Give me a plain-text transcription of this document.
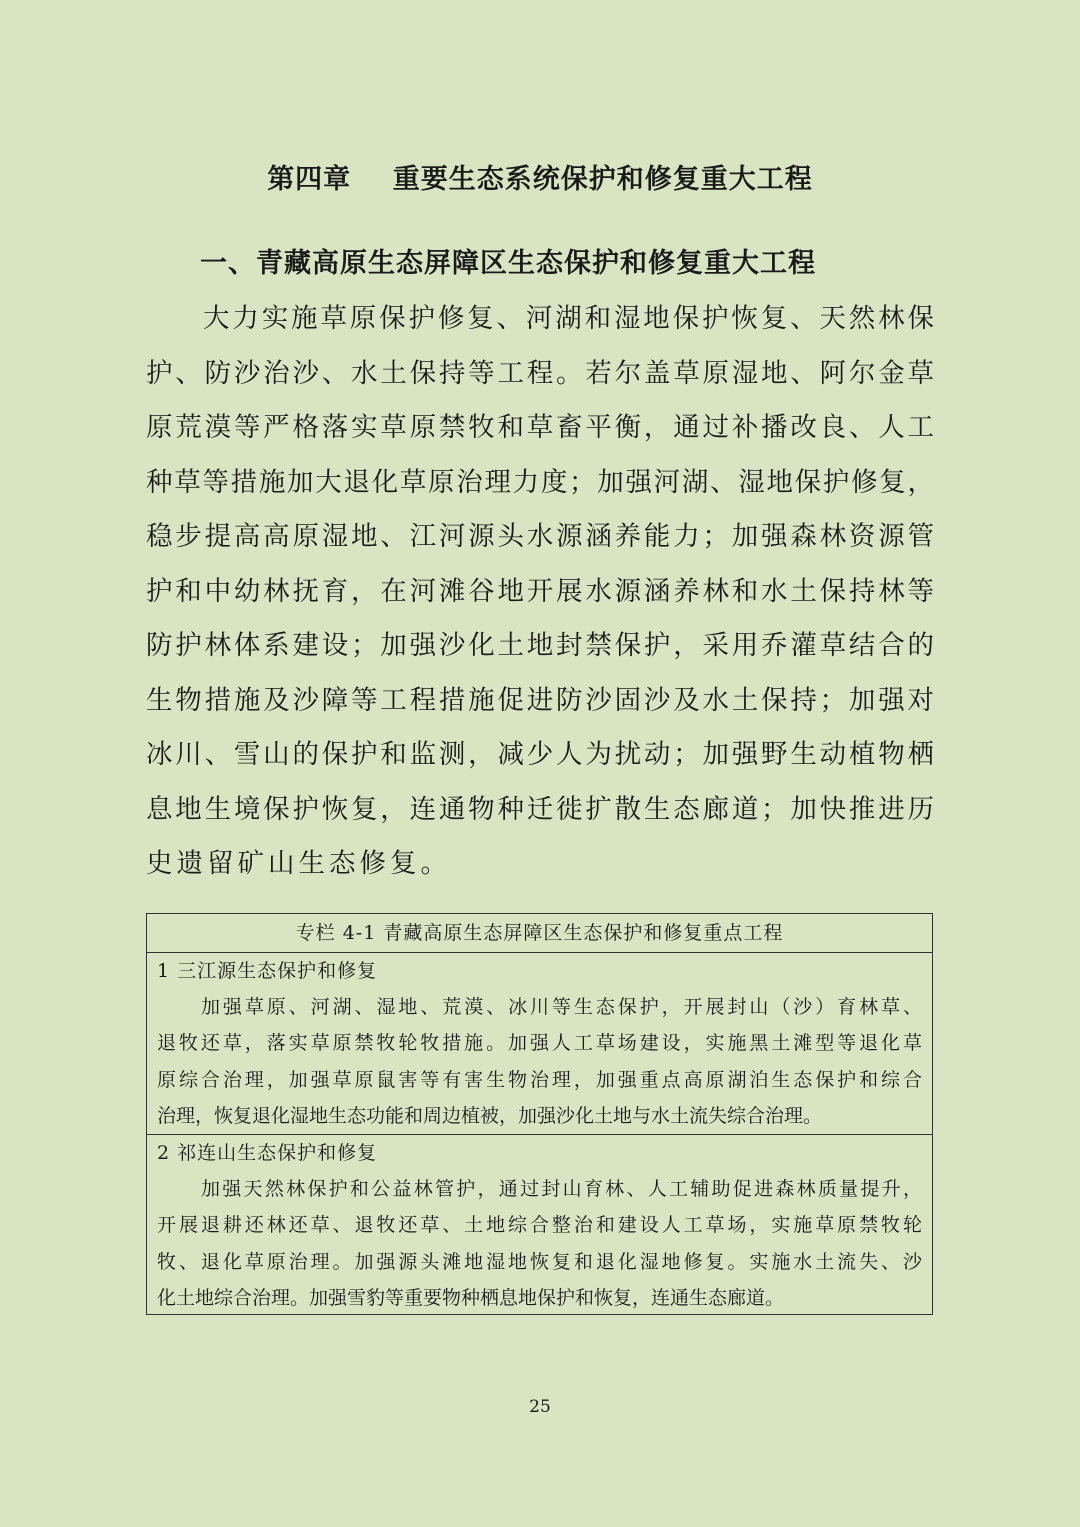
第四章    重要生态系统保护和修复重大工程
一、青藏高原生态屏障区生态保护和修复重大工程
大力实施草原保护修复、河湖和湿地保护恢复、天然林保
护、防沙治沙、水土保持等工程。若尔盖草原湿地、阿尔金草
原荒漠等严格落实草原禁牧和草畜平衡，通过补播改良、人工
种草等措施加大退化草原治理力度；加强河湖、湿地保护修复，
稳步提高高原湿地、江河源头水源涵养能力；加强森林资源管
护和中幼林抚育，在河滩谷地开展水源涵养林和水土保持林等
防护林体系建设；加强沙化土地封禁保护，采用乔灌草结合的
生物措施及沙障等工程措施促进防沙固沙及水土保持；加强对
冰川、雪山的保护和监测，减少人为扰动；加强野生动植物栖
息地生境保护恢复，连通物种迁徙扩散生态廊道；加快推进历
史遗留矿山生态修复。
专栏 4-1 青藏高原生态屏障区生态保护和修复重点工程
1 三江源生态保护和修复
加强草原、河湖、湿地、荒漠、冰川等生态保护，开展封山（沙）育林草、
退牧还草，落实草原禁牧轮牧措施。加强人工草场建设，实施黑土滩型等退化草
原综合治理，加强草原鼠害等有害生物治理，加强重点高原湖泊生态保护和综合
治理，恢复退化湿地生态功能和周边植被，加强沙化土地与水土流失综合治理。
2 祁连山生态保护和修复
加强天然林保护和公益林管护，通过封山育林、人工辅助促进森林质量提升，
开展退耕还林还草、退牧还草、土地综合整治和建设人工草场，实施草原禁牧轮
牧、退化草原治理。加强源头滩地湿地恢复和退化湿地修复。实施水土流失、沙
化土地综合治理。加强雪豹等重要物种栖息地保护和恢复，连通生态廊道。
25
